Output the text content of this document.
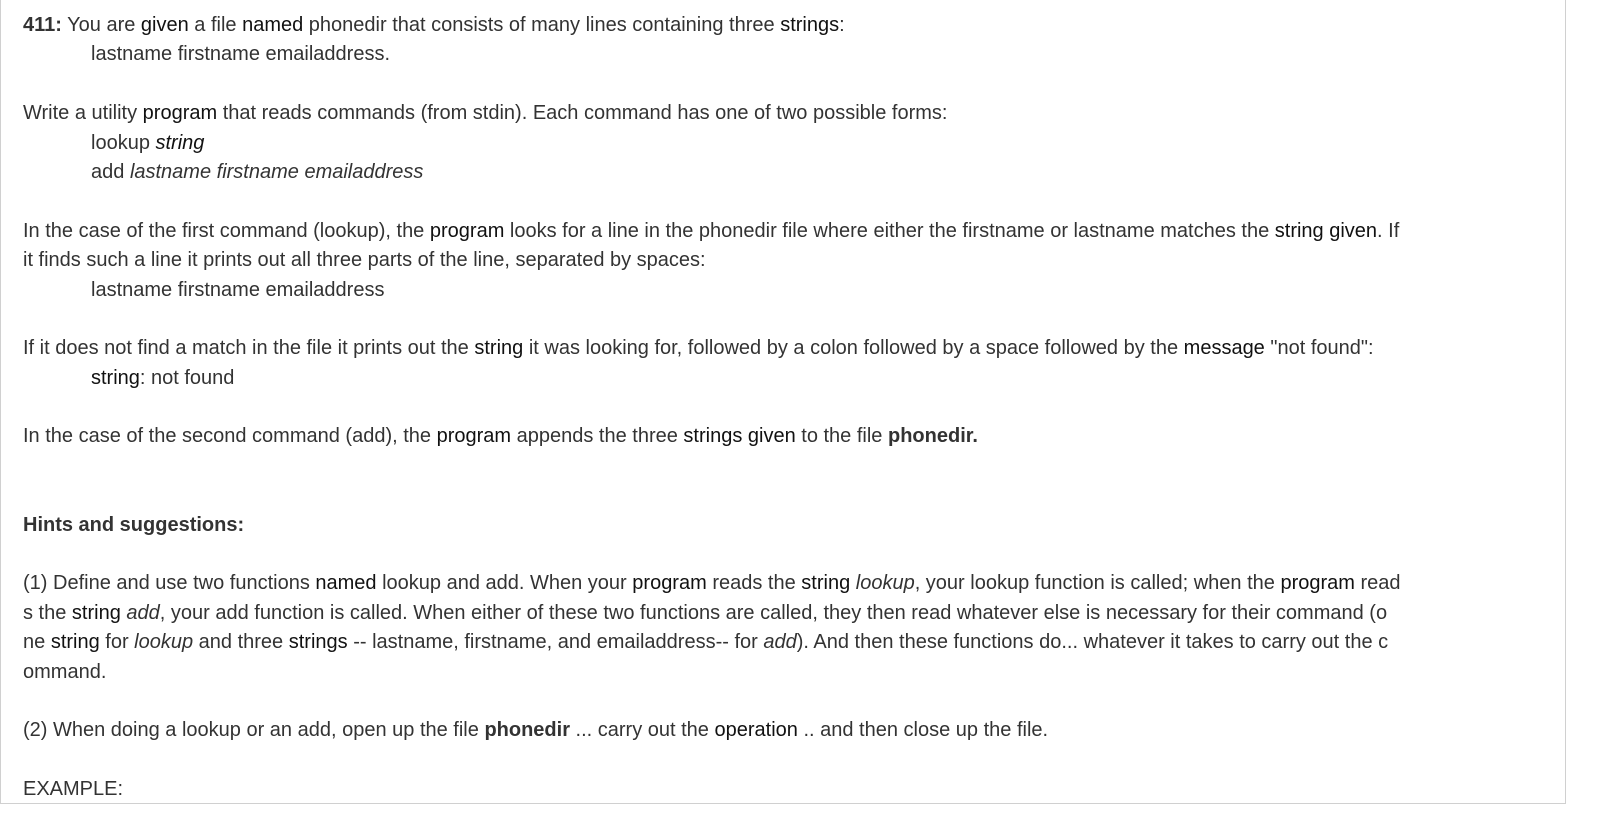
411: You are given a file named phonedir that consists of many lines containing three strings:
lastname firstname emailaddress.
Write a utility program that reads commands (from stdin). Each command has one of two possible forms:
lookup string
add lastname firstname emailaddress
In the case of the first command (lookup), the program looks for a line in the phonedir file where either the firstname or lastname matches the string given. If
it finds such a line it prints out all three parts of the line, separated by spaces:
lastname firstname emailaddress
If it does not find a match in the file it prints out the string it was looking for, followed by a colon followed by a space followed by the message "not found":
string: not found
In the case of the second command (add), the program appends the three strings given to the file phonedir.
Hints and suggestions:
(1) Define and use two functions named lookup and add. When your program reads the string lookup, your lookup function is called; when the program read
s the string add, your add function is called. When either of these two functions are called, they then read whatever else is necessary for their command (o
ne string for lookup and three strings -- lastname, firstname, and emailaddress-- for add). And then these functions do... whatever it takes to carry out the c
ommand.
(2) When doing a lookup or an add, open up the file phonedir ... carry out the operation .. and then close up the file.
EXAMPLE:
